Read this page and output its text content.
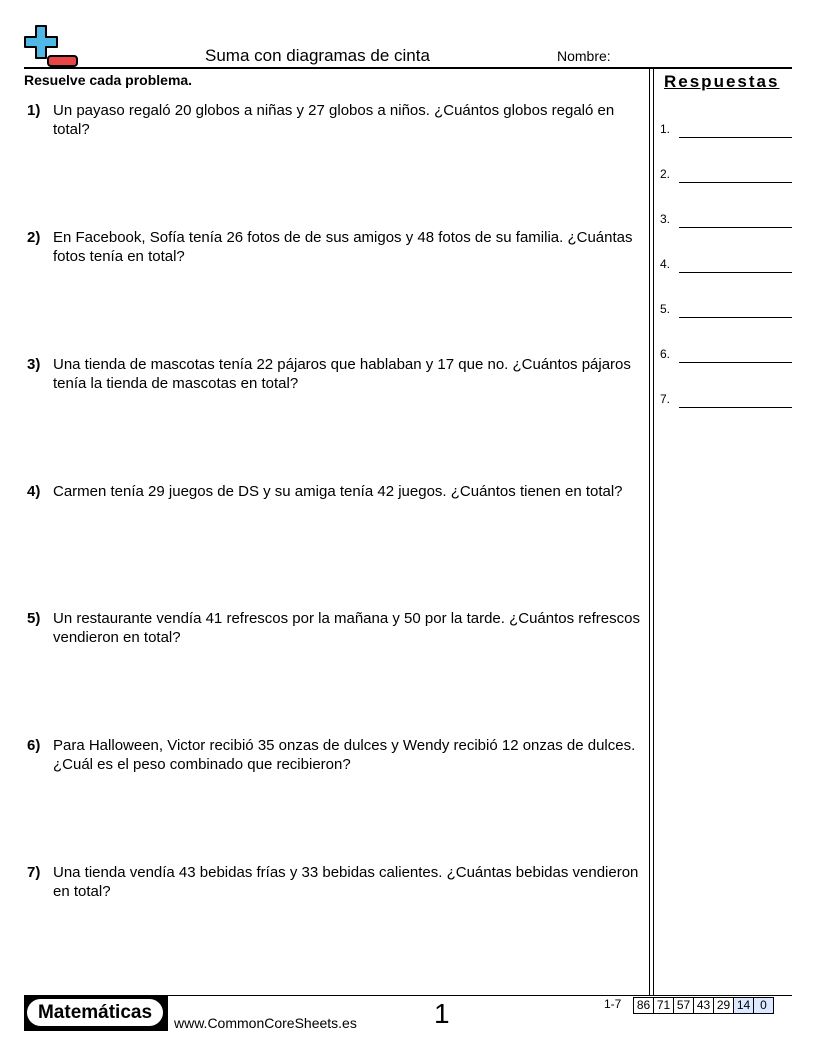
Suma con diagramas de cinta	Nombre:
Resuelve cada problema.
1) Un payaso regaló 20 globos a niñas y 27 globos a niños. ¿Cuántos globos regaló en total?
2) En Facebook, Sofía tenía 26 fotos de de sus amigos y 48 fotos de su familia. ¿Cuántas fotos tenía en total?
3) Una tienda de mascotas tenía 22 pájaros que hablaban y 17 que no. ¿Cuántos pájaros tenía la tienda de mascotas en total?
4) Carmen tenía 29 juegos de DS y su amiga tenía 42 juegos. ¿Cuántos tienen en total?
5) Un restaurante vendía 41 refrescos por la mañana y 50 por la tarde. ¿Cuántos refrescos vendieron en total?
6) Para Halloween, Victor recibió 35 onzas de dulces y Wendy recibió 12 onzas de dulces. ¿Cuál es el peso combinado que recibieron?
7) Una tienda vendía 43 bebidas frías y 33 bebidas calientes. ¿Cuántas bebidas vendieron en total?
Respuestas
1.
2.
3.
4.
5.
6.
7.
Matemáticas	www.CommonCoreSheets.es	1	1-7 86	71	57	43	29	14	0
